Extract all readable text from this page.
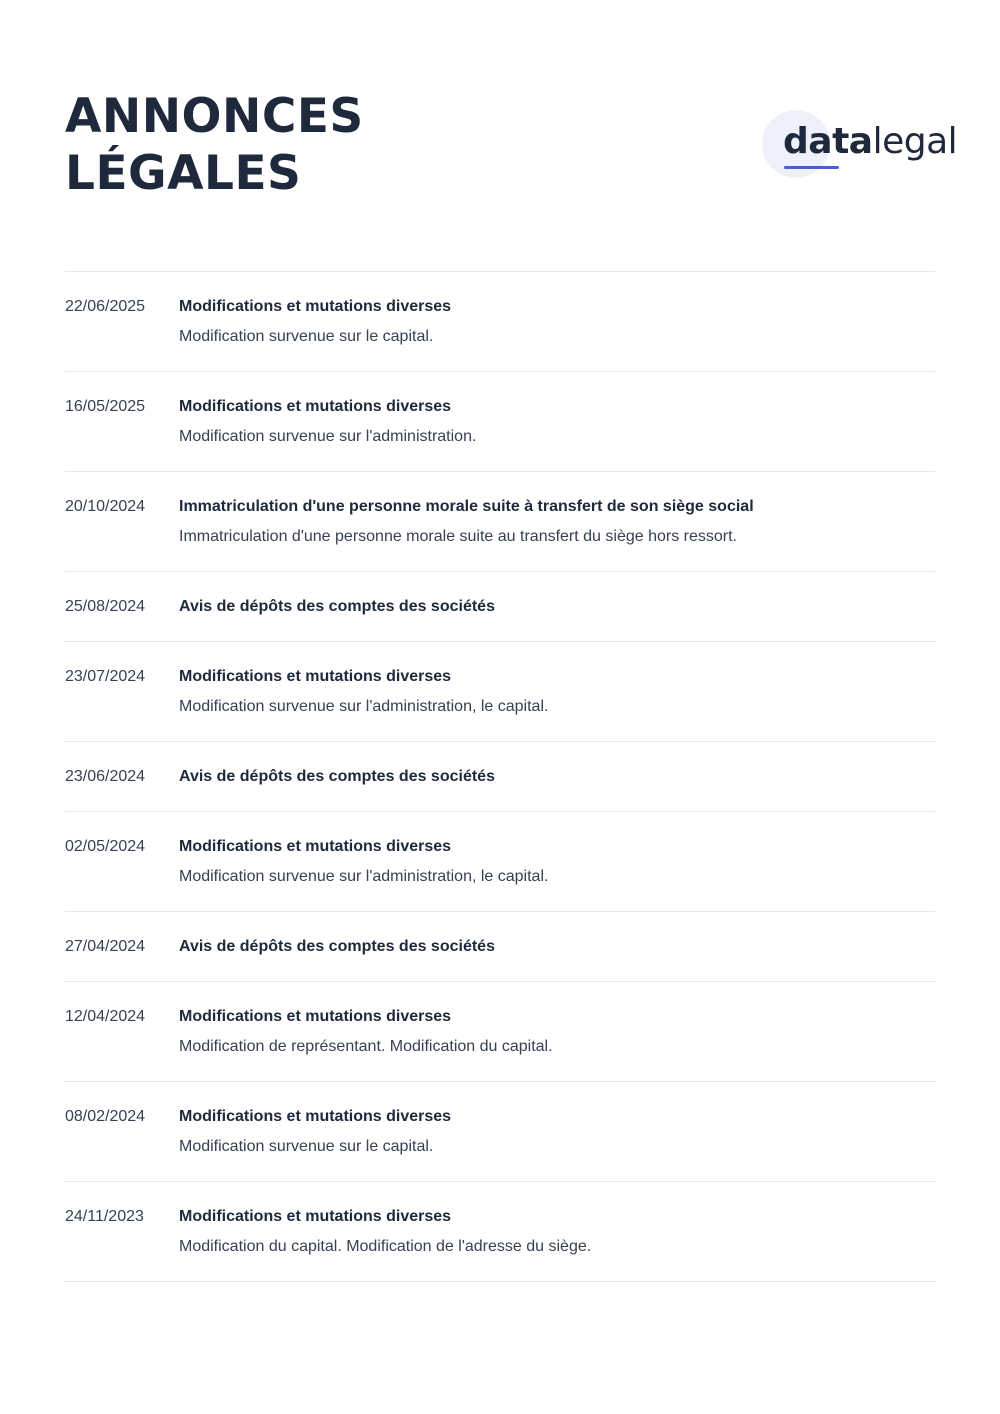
ANNONCES
LÉGALES
datalegal
22/06/2025 Modifications et mutations diverses
Modification survenue sur le capital.
16/05/2025 Modifications et mutations diverses
Modification survenue sur l'administration.
20/10/2024 Immatriculation d'une personne morale suite à transfert de son siège social
Immatriculation d'une personne morale suite au transfert du siège hors ressort.
25/08/2024 Avis de dépôts des comptes des sociétés
23/07/2024 Modifications et mutations diverses
Modification survenue sur l'administration, le capital.
23/06/2024 Avis de dépôts des comptes des sociétés
02/05/2024 Modifications et mutations diverses
Modification survenue sur l'administration, le capital.
27/04/2024 Avis de dépôts des comptes des sociétés
12/04/2024 Modifications et mutations diverses
Modification de représentant. Modification du capital.
08/02/2024 Modifications et mutations diverses
Modification survenue sur le capital.
24/11/2023 Modifications et mutations diverses
Modification du capital. Modification de l'adresse du siège.
